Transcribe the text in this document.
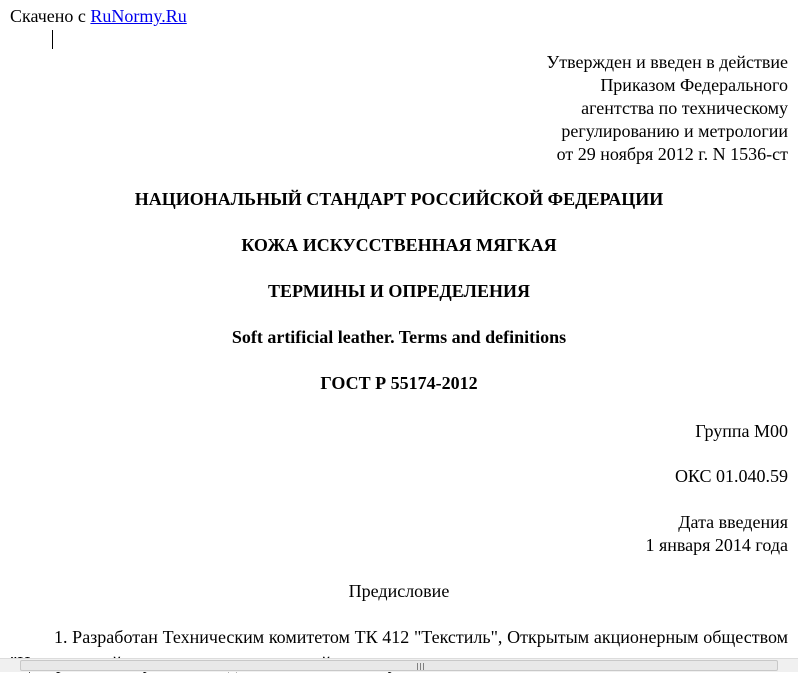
Скачено с RuNormy.Ru
Утвержден и введен в действие
Приказом Федерального
агентства по техническому
регулированию и метрологии
от 29 ноября 2012 г. N 1536-ст
НАЦИОНАЛЬНЫЙ СТАНДАРТ РОССИЙСКОЙ ФЕДЕРАЦИИ
КОЖА ИСКУССТВЕННАЯ МЯГКАЯ
ТЕРМИНЫ И ОПРЕДЕЛЕНИЯ
Soft artificial leather. Terms and definitions
ГОСТ Р 55174-2012
Группа М00
ОКС 01.040.59
Дата введения
1 января 2014 года
Предисловие
1. Разработан Техническим комитетом ТК 412 "Текстиль", Открытым акционерным обществом
